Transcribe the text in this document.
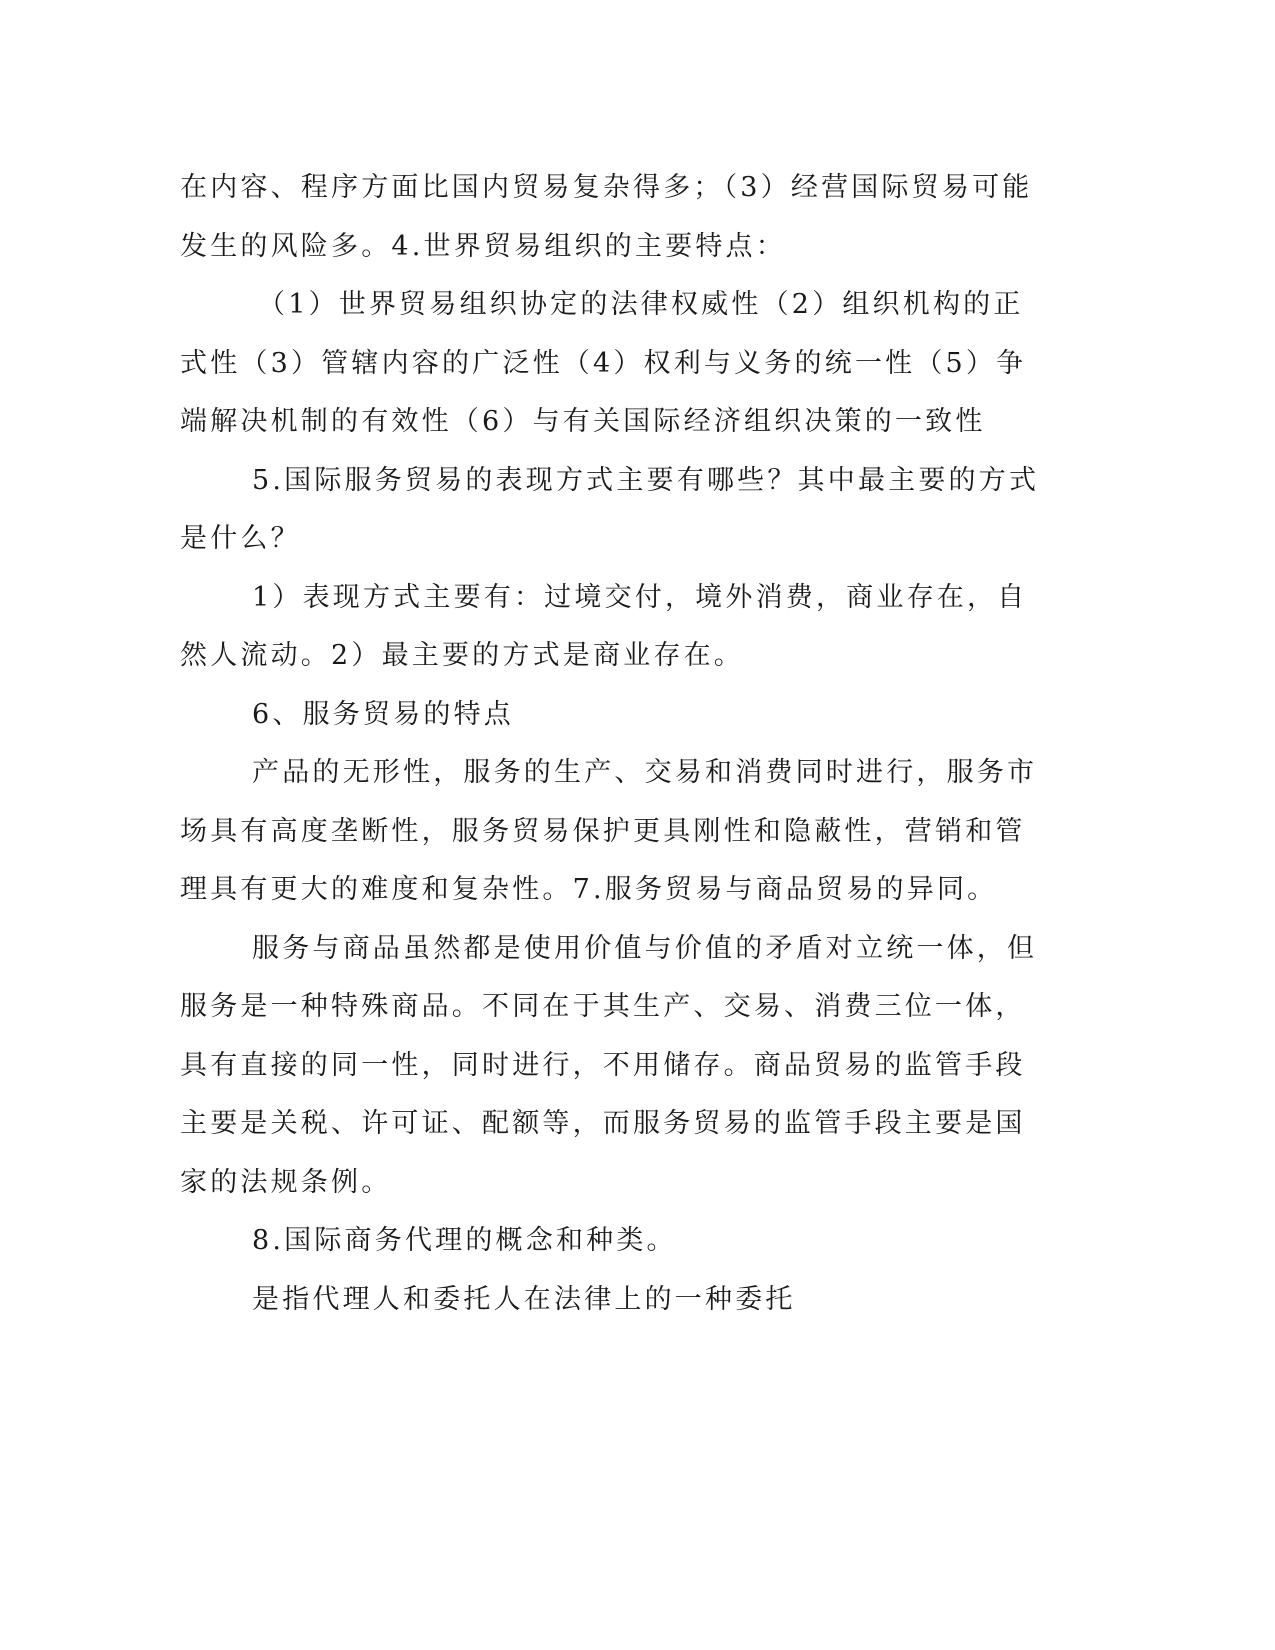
在内容、程序方面比国内贸易复杂得多；（3）经营国际贸易可能发生的风险多。4.世界贸易组织的主要特点：

（1）世界贸易组织协定的法律权威性（2）组织机构的正式性（3）管辖内容的广泛性（4）权利与义务的统一性（5）争端解决机制的有效性（6）与有关国际经济组织决策的一致性

5.国际服务贸易的表现方式主要有哪些？其中最主要的方式是什么？

1）表现方式主要有：过境交付，境外消费，商业存在，自然人流动。2）最主要的方式是商业存在。

6、服务贸易的特点

产品的无形性，服务的生产、交易和消费同时进行，服务市场具有高度垄断性，服务贸易保护更具刚性和隐蔽性，营销和管理具有更大的难度和复杂性。7.服务贸易与商品贸易的异同。

服务与商品虽然都是使用价值与价值的矛盾对立统一体，但服务是一种特殊商品。不同在于其生产、交易、消费三位一体，具有直接的同一性，同时进行，不用储存。商品贸易的监管手段主要是关税、许可证、配额等，而服务贸易的监管手段主要是国家的法规条例。

8.国际商务代理的概念和种类。

是指代理人和委托人在法律上的一种委托
